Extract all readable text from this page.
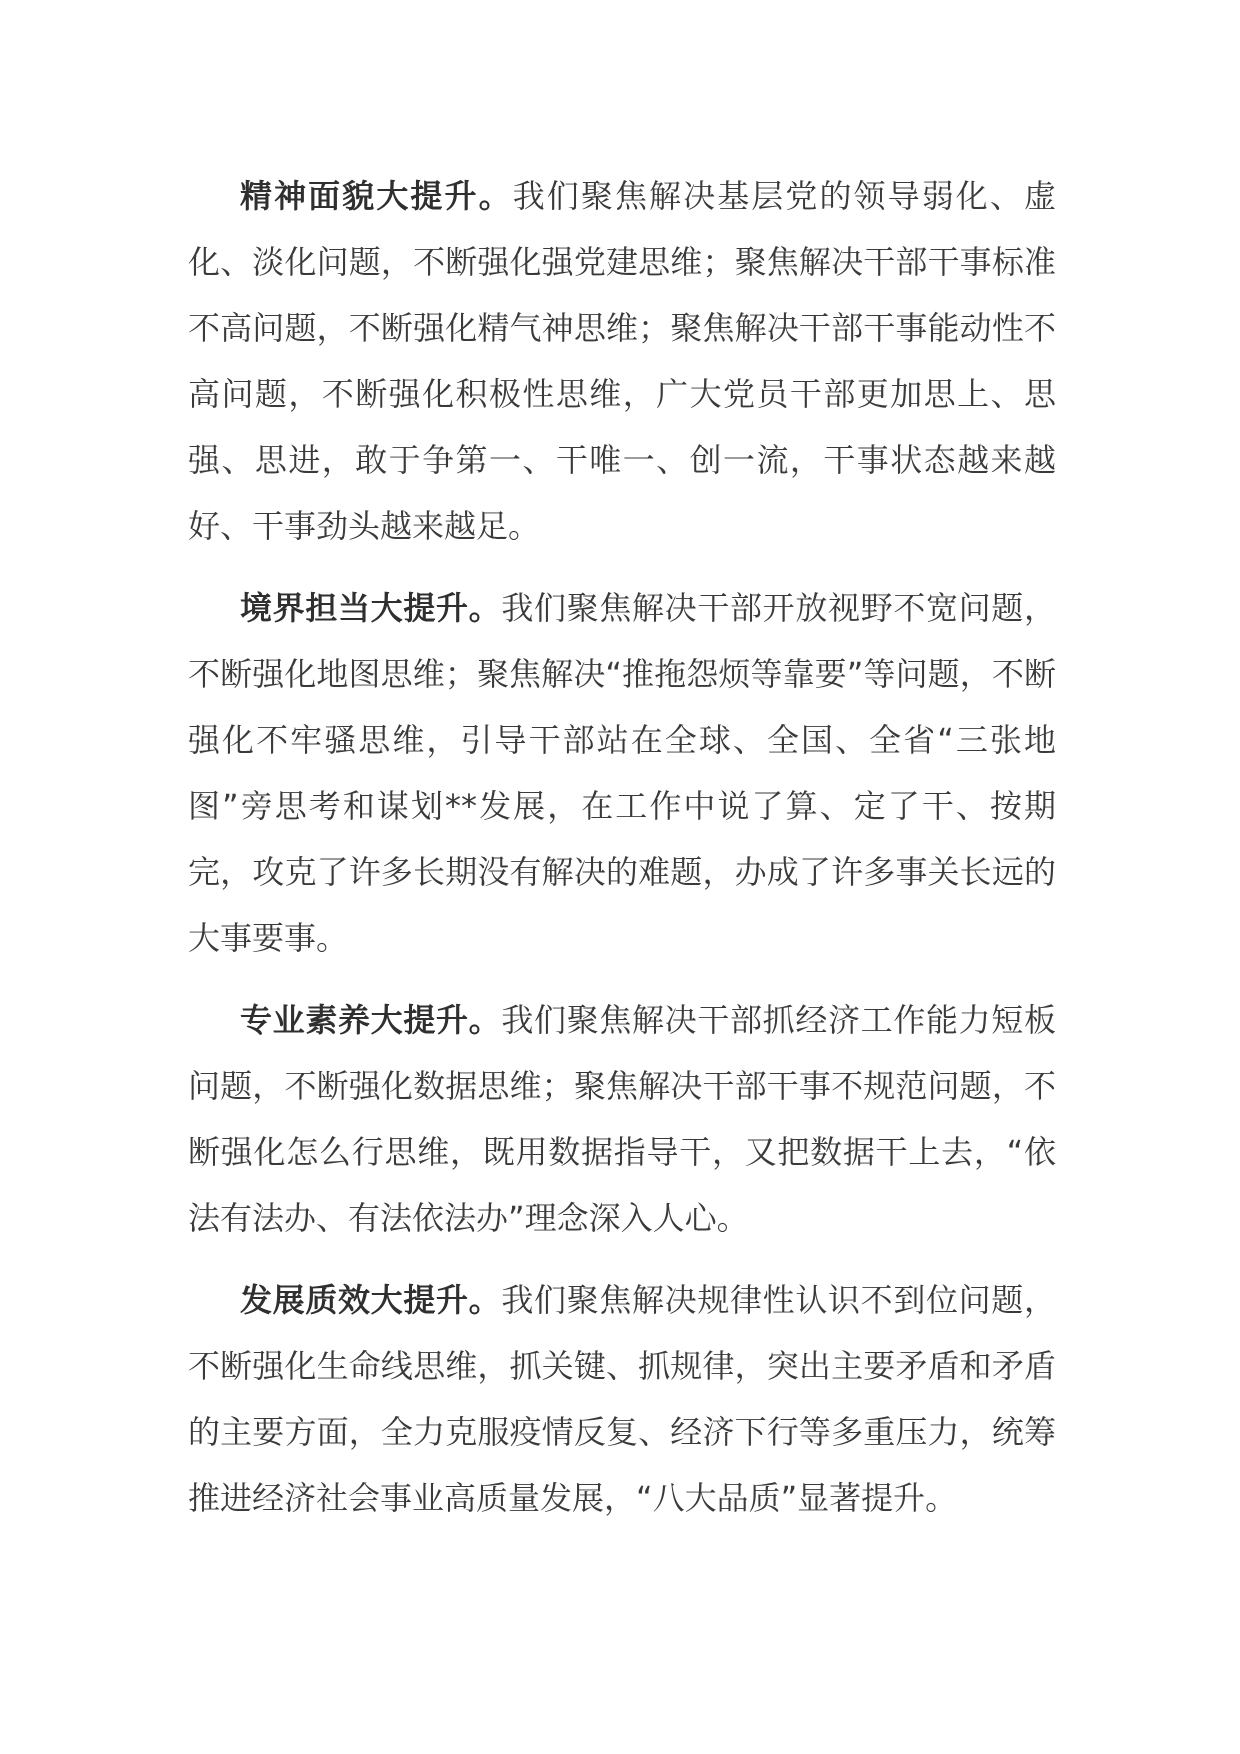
精神面貌大提升。我们聚焦解决基层党的领导弱化、虚化、淡化问题，不断强化强党建思维；聚焦解决干部干事标准不高问题，不断强化精气神思维；聚焦解决干部干事能动性不高问题，不断强化积极性思维，广大党员干部更加思上、思强、思进，敢于争第一、干唯一、创一流，干事状态越来越好、干事劲头越来越足。

境界担当大提升。我们聚焦解决干部开放视野不宽问题，不断强化地图思维；聚焦解决“推拖怨烦等靠要”等问题，不断强化不牢骚思维，引导干部站在全球、全国、全省“三张地图”旁思考和谋划**发展，在工作中说了算、定了干、按期完，攻克了许多长期没有解决的难题，办成了许多事关长远的大事要事。

专业素养大提升。我们聚焦解决干部抓经济工作能力短板问题，不断强化数据思维；聚焦解决干部干事不规范问题，不断强化怎么行思维，既用数据指导干，又把数据干上去，“依法有法办、有法依法办”理念深入人心。

发展质效大提升。我们聚焦解决规律性认识不到位问题，不断强化生命线思维，抓关键、抓规律，突出主要矛盾和矛盾的主要方面，全力克服疫情反复、经济下行等多重压力，统筹推进经济社会事业高质量发展，“八大品质”显著提升。
